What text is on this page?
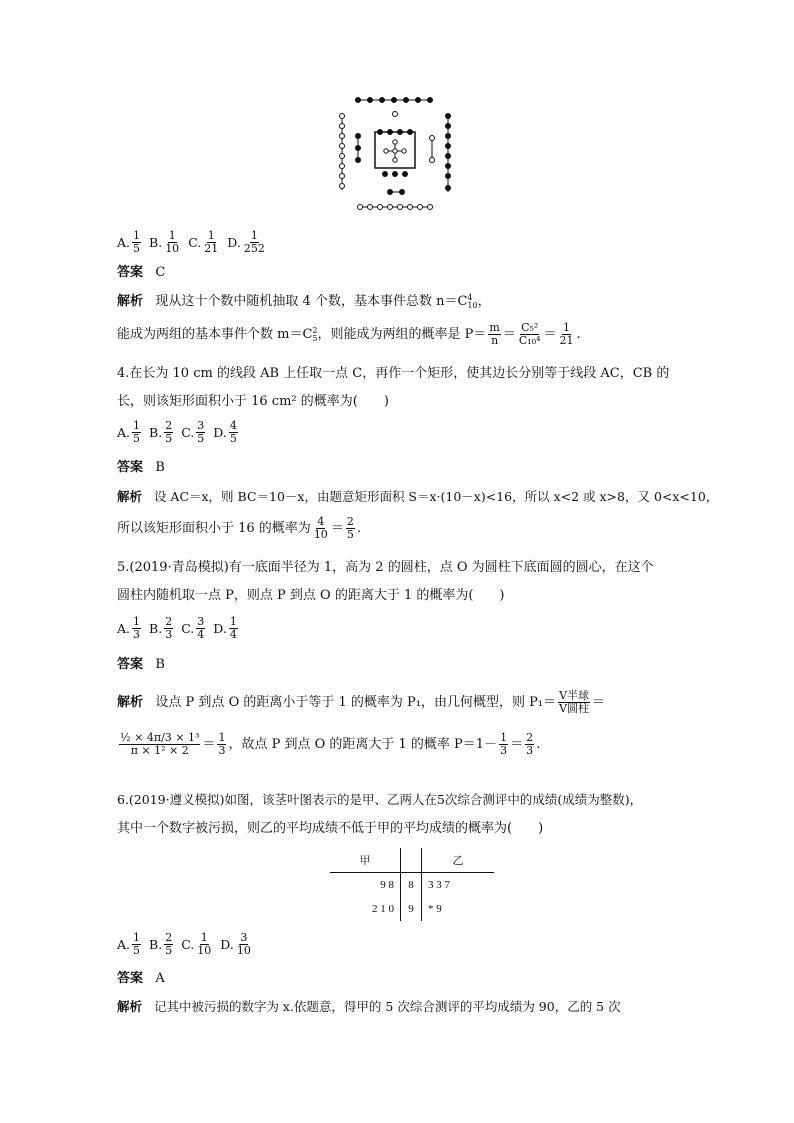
A. $\frac{1}{5} B$. $\frac{1}{10} C$. $\frac{1}{21} D$. $\frac{1}{252}$
答案 C
解析 现从这十个数中随机抽取 4 个数，基本事件总数 n＝C 4
10 ，
能成为两组的基本事件个数 m＝C 2
5 ，则能成为两组的概率是 $P= \frac{m}{n} = \frac{\text{C₅²}}{\text{C₁₀⁴}} = \frac{1}{21}$ .
4.在长为 10 cm 的线段 AB 上任取一点 C，再作一个矩形，使其边长分别等于线段 AC，CB 的
长，则该矩形面积小于 16 cm² 的概率为(　　)
A. $\frac{1}{5} B$. $\frac{2}{5} C$. $\frac{3}{5} D$. $\frac{4}{5}$
答案 B
解析 设 AC＝x，则 BC＝10－x，由题意矩形面积 S＝x·(10－x)<16，所以 x<2 或 x>8，又 0<x<10，
所以该矩形面积小于 16 的概率为 $\frac{4}{10} = \frac{2}{5}$ .
5.(2019·青岛模拟)有一底面半径为 1，高为 2 的圆柱，点 O 为圆柱下底面圆的圆心，在这个
圆柱内随机取一点 P，则点 P 到点 O 的距离大于 1 的概率为(　　)
A. $\frac{1}{3} B$. $\frac{2}{3} C$. $\frac{3}{4} D$. $\frac{1}{4}$
答案 B
解析
设点 P 到点 O 的距离小于等于 1 的概率为 P₁，由几何概型，则 $P_1= \frac{\text{V半球}}{\text{V圆柱}}$ ＝
$\frac{\text{½ × 4π/3 × 1³}}{\text{π × 1² × 2}} = \frac{1}{3}$ ，故点 P 到点 O 的距离大于 1 的概率 $P=1- \frac{1}{3} = \frac{2}{3}$ .
6.(2019·遵义模拟)如图，该茎叶图表示的是甲、乙两人在5次综合测评中的成绩(成绩为整数)，
其中一个数字被污损，则乙的平均成绩不低于甲的平均成绩的概率为(　　)
甲		乙
9 8	8	3 3 7
2 1 0	9	* 9
A. $\frac{1}{5} B$. $\frac{2}{5} C$. $\frac{1}{10} D$. $\frac{3}{10}$
答案 A
解析 记其中被污损的数字为 x.依题意，得甲的 5 次综合测评的平均成绩为 90，乙的 5 次
